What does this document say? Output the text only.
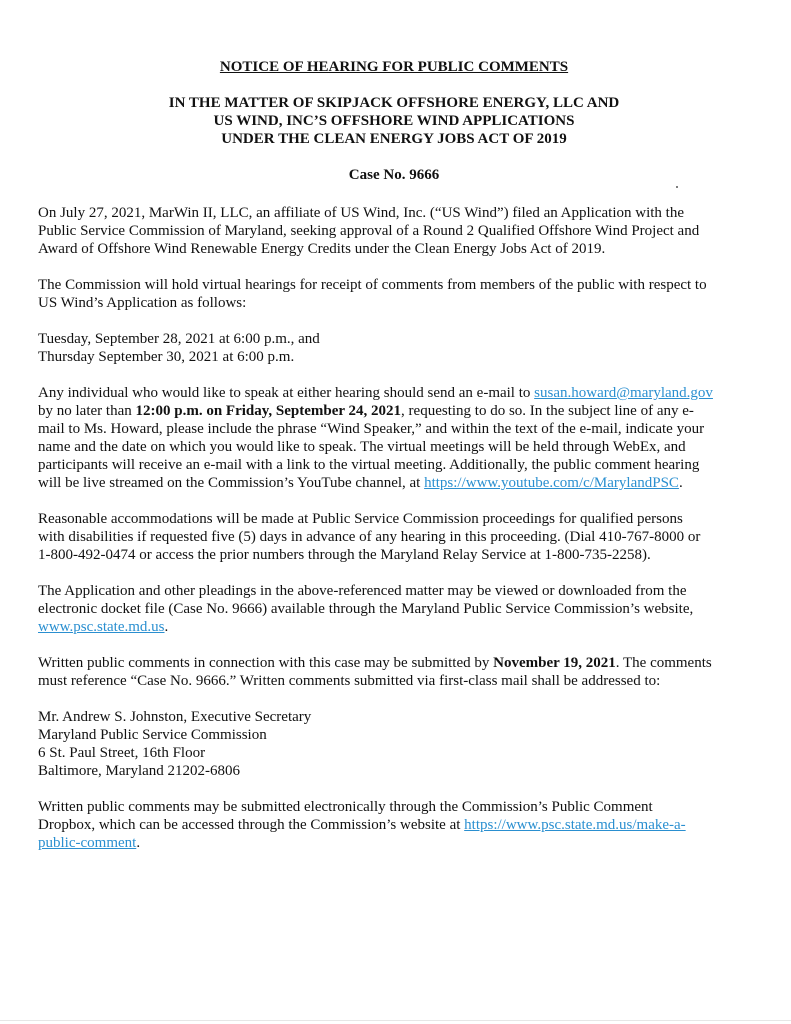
NOTICE OF HEARING FOR PUBLIC COMMENTS
IN THE MATTER OF SKIPJACK OFFSHORE ENERGY, LLC AND
US WIND, INC’S OFFSHORE WIND APPLICATIONS
UNDER THE CLEAN ENERGY JOBS ACT OF 2019
Case No. 9666
On July 27, 2021, MarWin II, LLC, an affiliate of US Wind, Inc. (“US Wind”) filed an Application with the
Public Service Commission of Maryland, seeking approval of a Round 2 Qualified Offshore Wind Project and
Award of Offshore Wind Renewable Energy Credits under the Clean Energy Jobs Act of 2019.
The Commission will hold virtual hearings for receipt of comments from members of the public with respect to
US Wind’s Application as follows:
Tuesday, September 28, 2021 at 6:00 p.m., and
Thursday September 30, 2021 at 6:00 p.m.
Any individual who would like to speak at either hearing should send an e-mail to susan.howard@maryland.gov
by no later than 12:00 p.m. on Friday, September 24, 2021, requesting to do so. In the subject line of any e-
mail to Ms. Howard, please include the phrase “Wind Speaker,” and within the text of the e-mail, indicate your
name and the date on which you would like to speak. The virtual meetings will be held through WebEx, and
participants will receive an e-mail with a link to the virtual meeting. Additionally, the public comment hearing
will be live streamed on the Commission’s YouTube channel, at https://www.youtube.com/c/MarylandPSC.
Reasonable accommodations will be made at Public Service Commission proceedings for qualified persons
with disabilities if requested five (5) days in advance of any hearing in this proceeding. (Dial 410-767-8000 or
1-800-492-0474 or access the prior numbers through the Maryland Relay Service at 1-800-735-2258).
The Application and other pleadings in the above-referenced matter may be viewed or downloaded from the
electronic docket file (Case No. 9666) available through the Maryland Public Service Commission’s website,
www.psc.state.md.us.
Written public comments in connection with this case may be submitted by November 19, 2021. The comments
must reference “Case No. 9666.” Written comments submitted via first-class mail shall be addressed to:
Mr. Andrew S. Johnston, Executive Secretary
Maryland Public Service Commission
6 St. Paul Street, 16th Floor
Baltimore, Maryland 21202-6806
Written public comments may be submitted electronically through the Commission’s Public Comment
Dropbox, which can be accessed through the Commission’s website at https://www.psc.state.md.us/make-a-
public-comment.
